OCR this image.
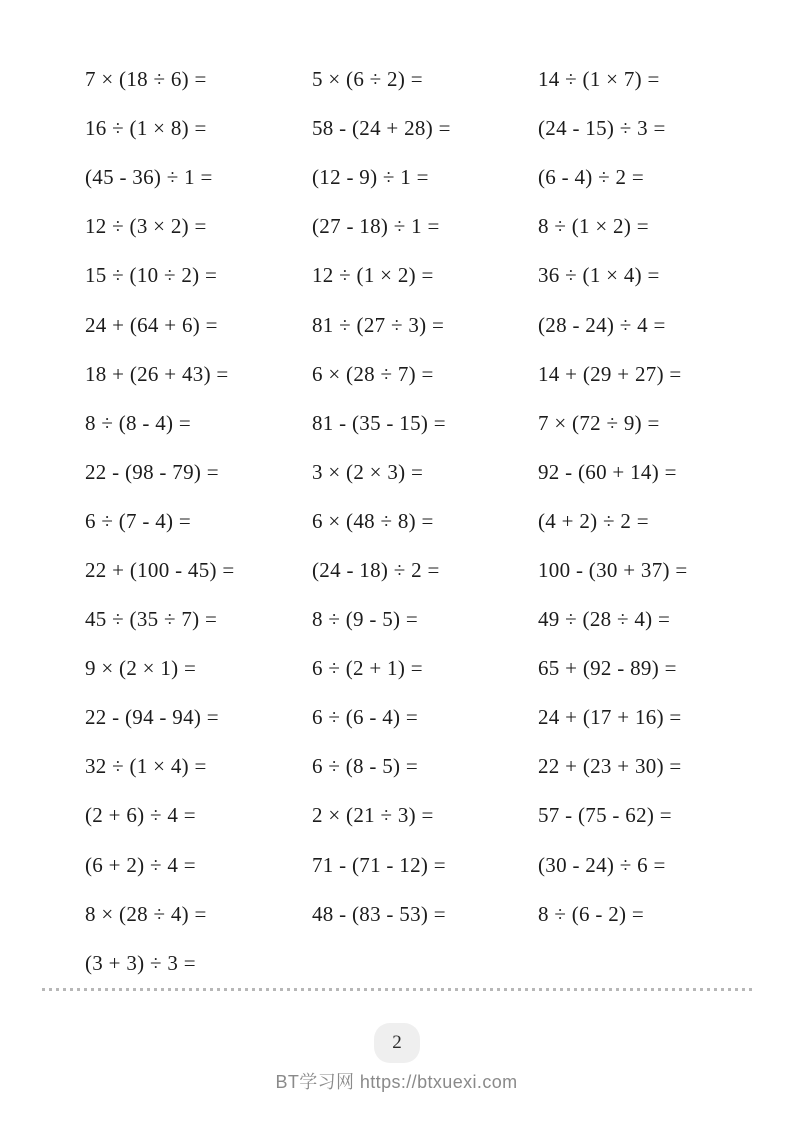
7 × (18 ÷ 6) =	5 × (6 ÷ 2) =	14 ÷ (1 × 7) =
16 ÷ (1 × 8) =	58 - (24 + 28) =	(24 - 15) ÷ 3 =
(45 - 36) ÷ 1 =	(12 - 9) ÷ 1 =	(6 - 4) ÷ 2 =
12 ÷ (3 × 2) =	(27 - 18) ÷ 1 =	8 ÷ (1 × 2) =
15 ÷ (10 ÷ 2) =	12 ÷ (1 × 2) =	36 ÷ (1 × 4) =
24 + (64 + 6) =	81 ÷ (27 ÷ 3) =	(28 - 24) ÷ 4 =
18 + (26 + 43) =	6 × (28 ÷ 7) =	14 + (29 + 27) =
8 ÷ (8 - 4) =	81 - (35 - 15) =	7 × (72 ÷ 9) =
22 - (98 - 79) =	3 × (2 × 3) =	92 - (60 + 14) =
6 ÷ (7 - 4) =	6 × (48 ÷ 8) =	(4 + 2) ÷ 2 =
22 + (100 - 45) =	(24 - 18) ÷ 2 =	100 - (30 + 37) =
45 ÷ (35 ÷ 7) =	8 ÷ (9 - 5) =	49 ÷ (28 ÷ 4) =
9 × (2 × 1) =	6 ÷ (2 + 1) =	65 + (92 - 89) =
22 - (94 - 94) =	6 ÷ (6 - 4) =	24 + (17 + 16) =
32 ÷ (1 × 4) =	6 ÷ (8 - 5) =	22 + (23 + 30) =
(2 + 6) ÷ 4 =	2 × (21 ÷ 3) =	57 - (75 - 62) =
(6 + 2) ÷ 4 =	71 - (71 - 12) =	(30 - 24) ÷ 6 =
8 × (28 ÷ 4) =	48 - (83 - 53) =	8 ÷ (6 - 2) =
(3 + 3) ÷ 3 =
2
BT学习网 https://btxuexi.com
